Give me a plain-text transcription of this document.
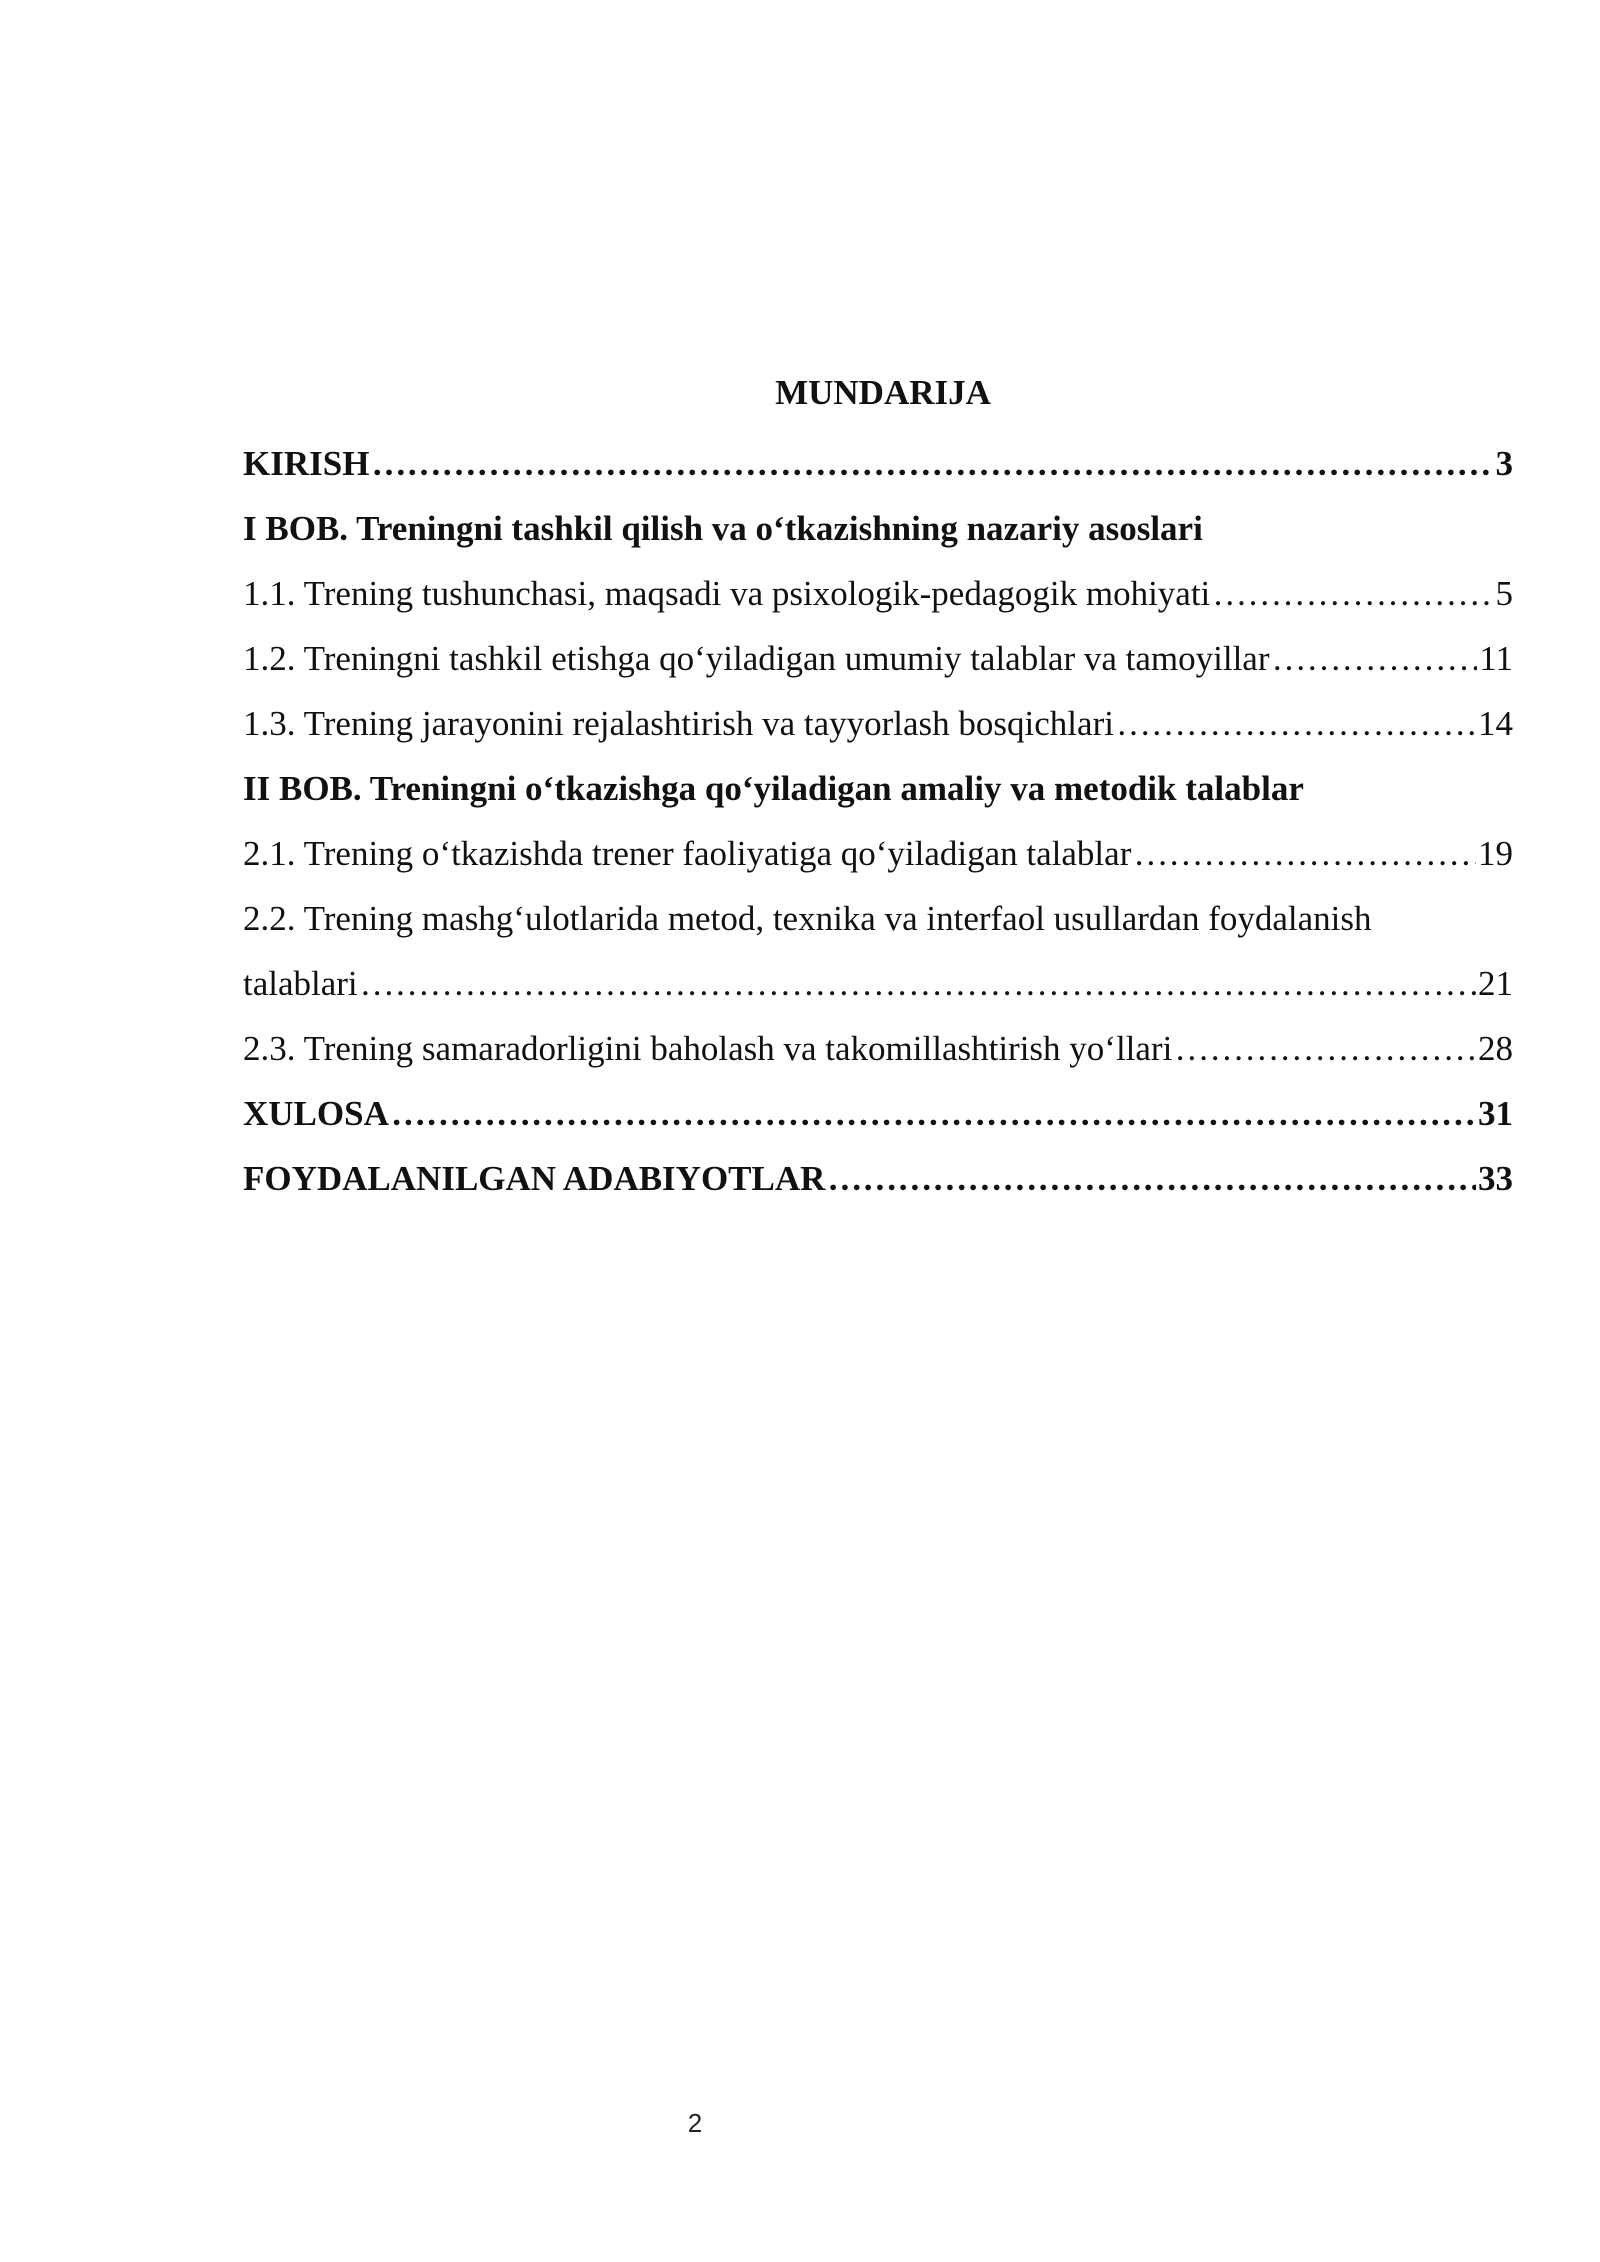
MUNDARIJA
KIRISH ………………………………………………………………………………………………………………………………………………………………	3
I BOB. Treningni tashkil qilish va o‘tkazishning nazariy asoslari
1.1. Trening tushunchasi, maqsadi va psixologik-pedagogik mohiyati ………………………………………………………………………………………………………………………………………………………………	5
1.2. Treningni tashkil etishga qo‘yiladigan umumiy talablar va tamoyillar ………………………………………………………………………………………………………………………………………………………………	11
1.3. Trening jarayonini rejalashtirish va tayyorlash bosqichlari ………………………………………………………………………………………………………………………………………………………………	14
II BOB. Treningni o‘tkazishga qo‘yiladigan amaliy va metodik talablar
2.1. Trening o‘tkazishda trener faoliyatiga qo‘yiladigan talablar ………………………………………………………………………………………………………………………………………………………………	19
2.2. Trening mashg‘ulotlarida metod, texnika va interfaol usullardan foydalanish
talablari ………………………………………………………………………………………………………………………………………………………………	21
2.3. Trening samaradorligini baholash va takomillashtirish yo‘llari ………………………………………………………………………………………………………………………………………………………………	28
XULOSA ………………………………………………………………………………………………………………………………………………………………	31
FOYDALANILGAN ADABIYOTLAR ………………………………………………………………………………………………………………………………………………………………	33
2
